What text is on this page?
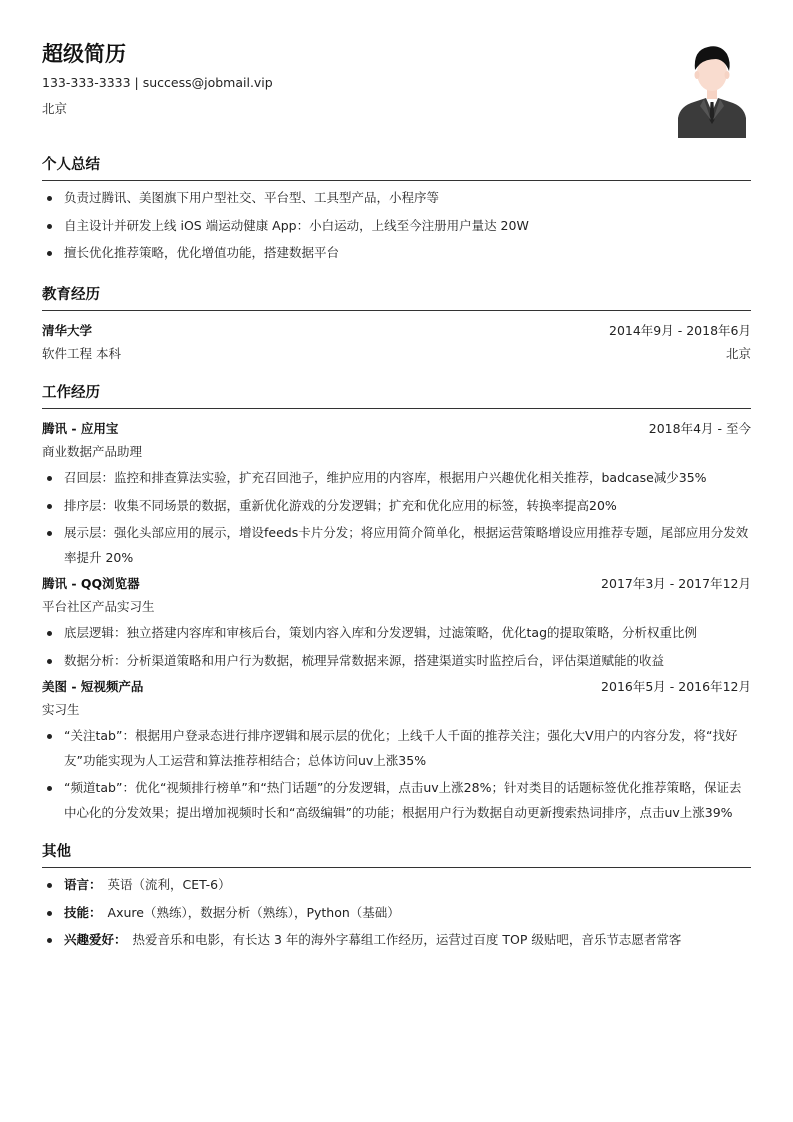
超级简历
133-333-3333 | success@jobmail.vip
北京
个人总结
负责过腾讯、美图旗下用户型社交、平台型、工具型产品，小程序等
自主设计并研发上线 iOS 端运动健康 App：小白运动，上线至今注册用户量达 20W
擅长优化推荐策略，优化增值功能，搭建数据平台
教育经历
清华大学	2014年9月 - 2018年6月
软件工程 本科	北京
工作经历
腾讯 - 应用宝	2018年4月 - 至今
商业数据产品助理
召回层：监控和排查算法实验，扩充召回池子，维护应用的内容库，根据用户兴趣优化相关推荐，badcase减少35%
排序层：收集不同场景的数据，重新优化游戏的分发逻辑；扩充和优化应用的标签，转换率提高20%
展示层：强化头部应用的展示，增设feeds卡片分发；将应用简介简单化，根据运营策略增设应用推荐专题，尾部应用分发效率提升 20%
腾讯 - QQ浏览器	2017年3月 - 2017年12月
平台社区产品实习生
底层逻辑：独立搭建内容库和审核后台，策划内容入库和分发逻辑，过滤策略，优化tag的提取策略，分析权重比例
数据分析：分析渠道策略和用户行为数据，梳理异常数据来源，搭建渠道实时监控后台，评估渠道赋能的收益
美图 - 短视频产品	2016年5月 - 2016年12月
实习生
“关注tab”：根据用户登录态进行排序逻辑和展示层的优化；上线千人千面的推荐关注；强化大V用户的内容分发，将“找好友”功能实现为人工运营和算法推荐相结合；总体访问uv上涨35%
“频道tab”：优化“视频排行榜单”和“热门话题”的分发逻辑，点击uv上涨28%；针对类目的话题标签优化推荐策略，保证去中心化的分发效果；提出增加视频时长和“高级编辑”的功能；根据用户行为数据自动更新搜索热词排序，点击uv上涨39%
其他
语言： 英语（流利，CET-6）
技能： Axure（熟练），数据分析（熟练），Python（基础）
兴趣爱好： 热爱音乐和电影，有长达 3 年的海外字幕组工作经历，运营过百度 TOP 级贴吧，音乐节志愿者常客
